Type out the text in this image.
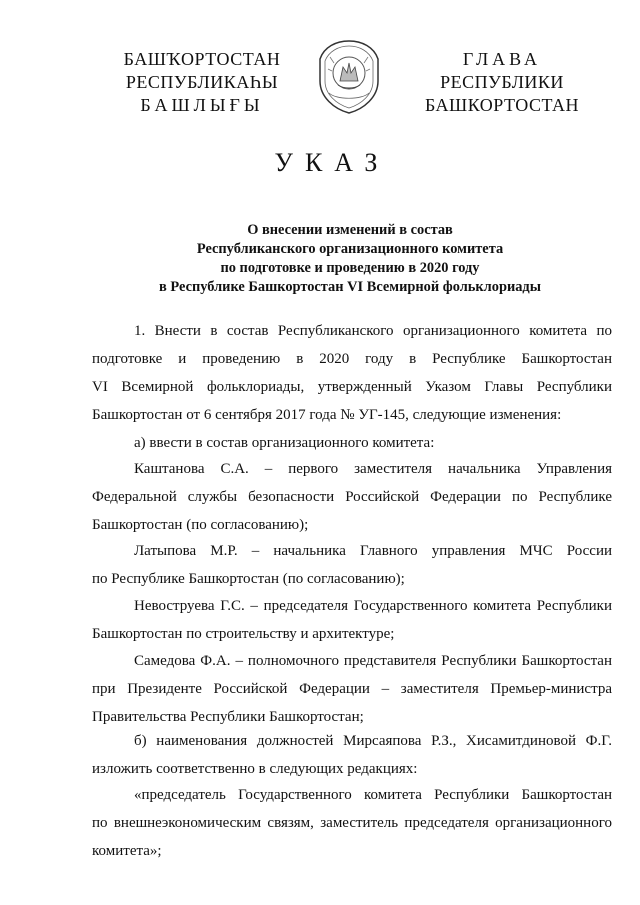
БАШҠОРТОСТАН
РЕСПУБЛИКАҺЫ
БАШЛЫҒЫ
ГЛАВА
РЕСПУБЛИКИ
БАШКОРТОСТАН
УКАЗ
О внесении изменений в состав
Республиканского организационного комитета
по подготовке и проведению в 2020 году
в Республике Башкортостан VI Всемирной фольклориады
1. Внести в состав Республиканского организационного комитета по
подготовке и проведению в 2020 году в Республике Башкортостан
VI Всемирной фольклориады, утвержденный Указом Главы Республики
Башкортостан от 6 сентября 2017 года № УГ-145, следующие изменения:
а) ввести в состав организационного комитета:
Каштанова С.А. – первого заместителя начальника Управления
Федеральной службы безопасности Российской Федерации по Республике
Башкортостан (по согласованию);
Латыпова М.Р. – начальника Главного управления МЧС России
по Республике Башкортостан (по согласованию);
Невоструева Г.С. – председателя Государственного комитета Республики
Башкортостан по строительству и архитектуре;
Самедова Ф.А. – полномочного представителя Республики Башкортостан
при Президенте Российской Федерации – заместителя Премьер-министра
Правительства Республики Башкортостан;
б) наименования должностей Мирсаяпова Р.З., Хисамитдиновой Ф.Г.
изложить соответственно в следующих редакциях:
«председатель Государственного комитета Республики Башкортостан
по внешнеэкономическим связям, заместитель председателя организационного
комитета»;
